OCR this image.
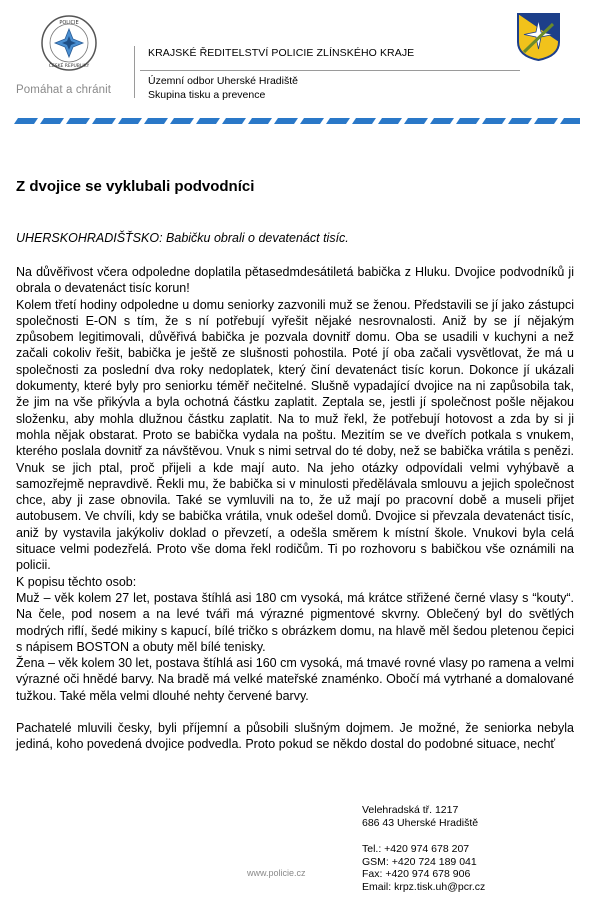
POLICIE
ČESKÉ REPUBLIKY
Pomáhat a chránit
KRAJSKÉ ŘEDITELSTVÍ POLICIE ZLÍNSKÉHO KRAJE
Územní odbor Uherské Hradiště
Skupina tisku a prevence
Z dvojice se vyklubali podvodníci
UHERSKOHRADIŠŤSKO: Babičku obrali o devatenáct tisíc.

Na důvěřivost včera odpoledne doplatila pětasedmdesátiletá babička z Hluku. Dvojice podvodníků ji obrala o devatenáct tisíc korun!

Kolem třetí hodiny odpoledne u domu seniorky zazvonili muž se ženou. Představili se jí jako zástupci společnosti E-ON s tím, že s ní potřebují vyřešit nějaké nesrovnalosti. Aniž by se jí nějakým způsobem legitimovali, důvěřivá babička je pozvala dovnitř domu. Oba se usadili v kuchyni a než začali cokoliv řešit, babička je ještě ze slušnosti pohostila. Poté jí oba začali vysvětlovat, že má u společnosti za poslední dva roky nedoplatek, který činí devatenáct tisíc korun. Dokonce jí ukázali dokumenty, které byly pro seniorku téměř nečitelné. Slušně vypadající dvojice na ni zapůsobila tak, že jim na vše přikývla a byla ochotná částku zaplatit. Zeptala se, jestli jí společnost pošle nějakou složenku, aby mohla dlužnou částku zaplatit. Na to muž řekl, že potřebují hotovost a zda by si ji mohla nějak obstarat. Proto se babička vydala na poštu. Mezitím se ve dveřích potkala s vnukem, kterého poslala dovnitř za návštěvou. Vnuk s nimi setrval do té doby, než se babička vrátila s penězi. Vnuk se jich ptal, proč přijeli a kde mají auto. Na jeho otázky odpovídali velmi vyhýbavě a samozřejmě nepravdivě. Řekli mu, že babička si v minulosti předělávala smlouvu a jejich společnost chce, aby ji zase obnovila. Také se vymluvili na to, že už mají po pracovní době a museli přijet autobusem. Ve chvíli, kdy se babička vrátila, vnuk odešel domů. Dvojice si převzala devatenáct tisíc, aniž by vystavila jakýkoliv doklad o převzetí, a odešla směrem k místní škole. Vnukovi byla celá situace velmi podezřelá. Proto vše doma řekl rodičům. Ti po rozhovoru s babičkou vše oznámili na policii.

K popisu těchto osob:

Muž – věk kolem 27 let, postava štíhlá asi 180 cm vysoká, má krátce střižené černé vlasy s “kouty“. Na čele, pod nosem a na levé tváři má výrazné pigmentové skvrny. Oblečený byl do světlých modrých riflí, šedé mikiny s kapucí, bílé tričko s obrázkem domu, na hlavě měl šedou pletenou čepici s nápisem BOSTON a obuty měl bílé tenisky.

Žena – věk kolem 30 let, postava štíhlá asi 160 cm vysoká, má tmavé rovné vlasy po ramena a velmi výrazné oči hnědé barvy. Na bradě má velké mateřské znaménko. Obočí má vytrhané a domalované tužkou. Také měla velmi dlouhé nehty červené barvy.

Pachatelé mluvili česky, byli příjemní a působili slušným dojmem. Je možné, že seniorka nebyla jediná, koho povedená dvojice podvedla. Proto pokud se někdo dostal do podobné situace, nechť

Velehradská tř. 1217
686 43 Uherské Hradiště
Tel.: +420 974 678 207
GSM: +420 724 189 041
Fax: +420 974 678 906
Email: krpz.tisk.uh@pcr.cz
www.policie.cz
